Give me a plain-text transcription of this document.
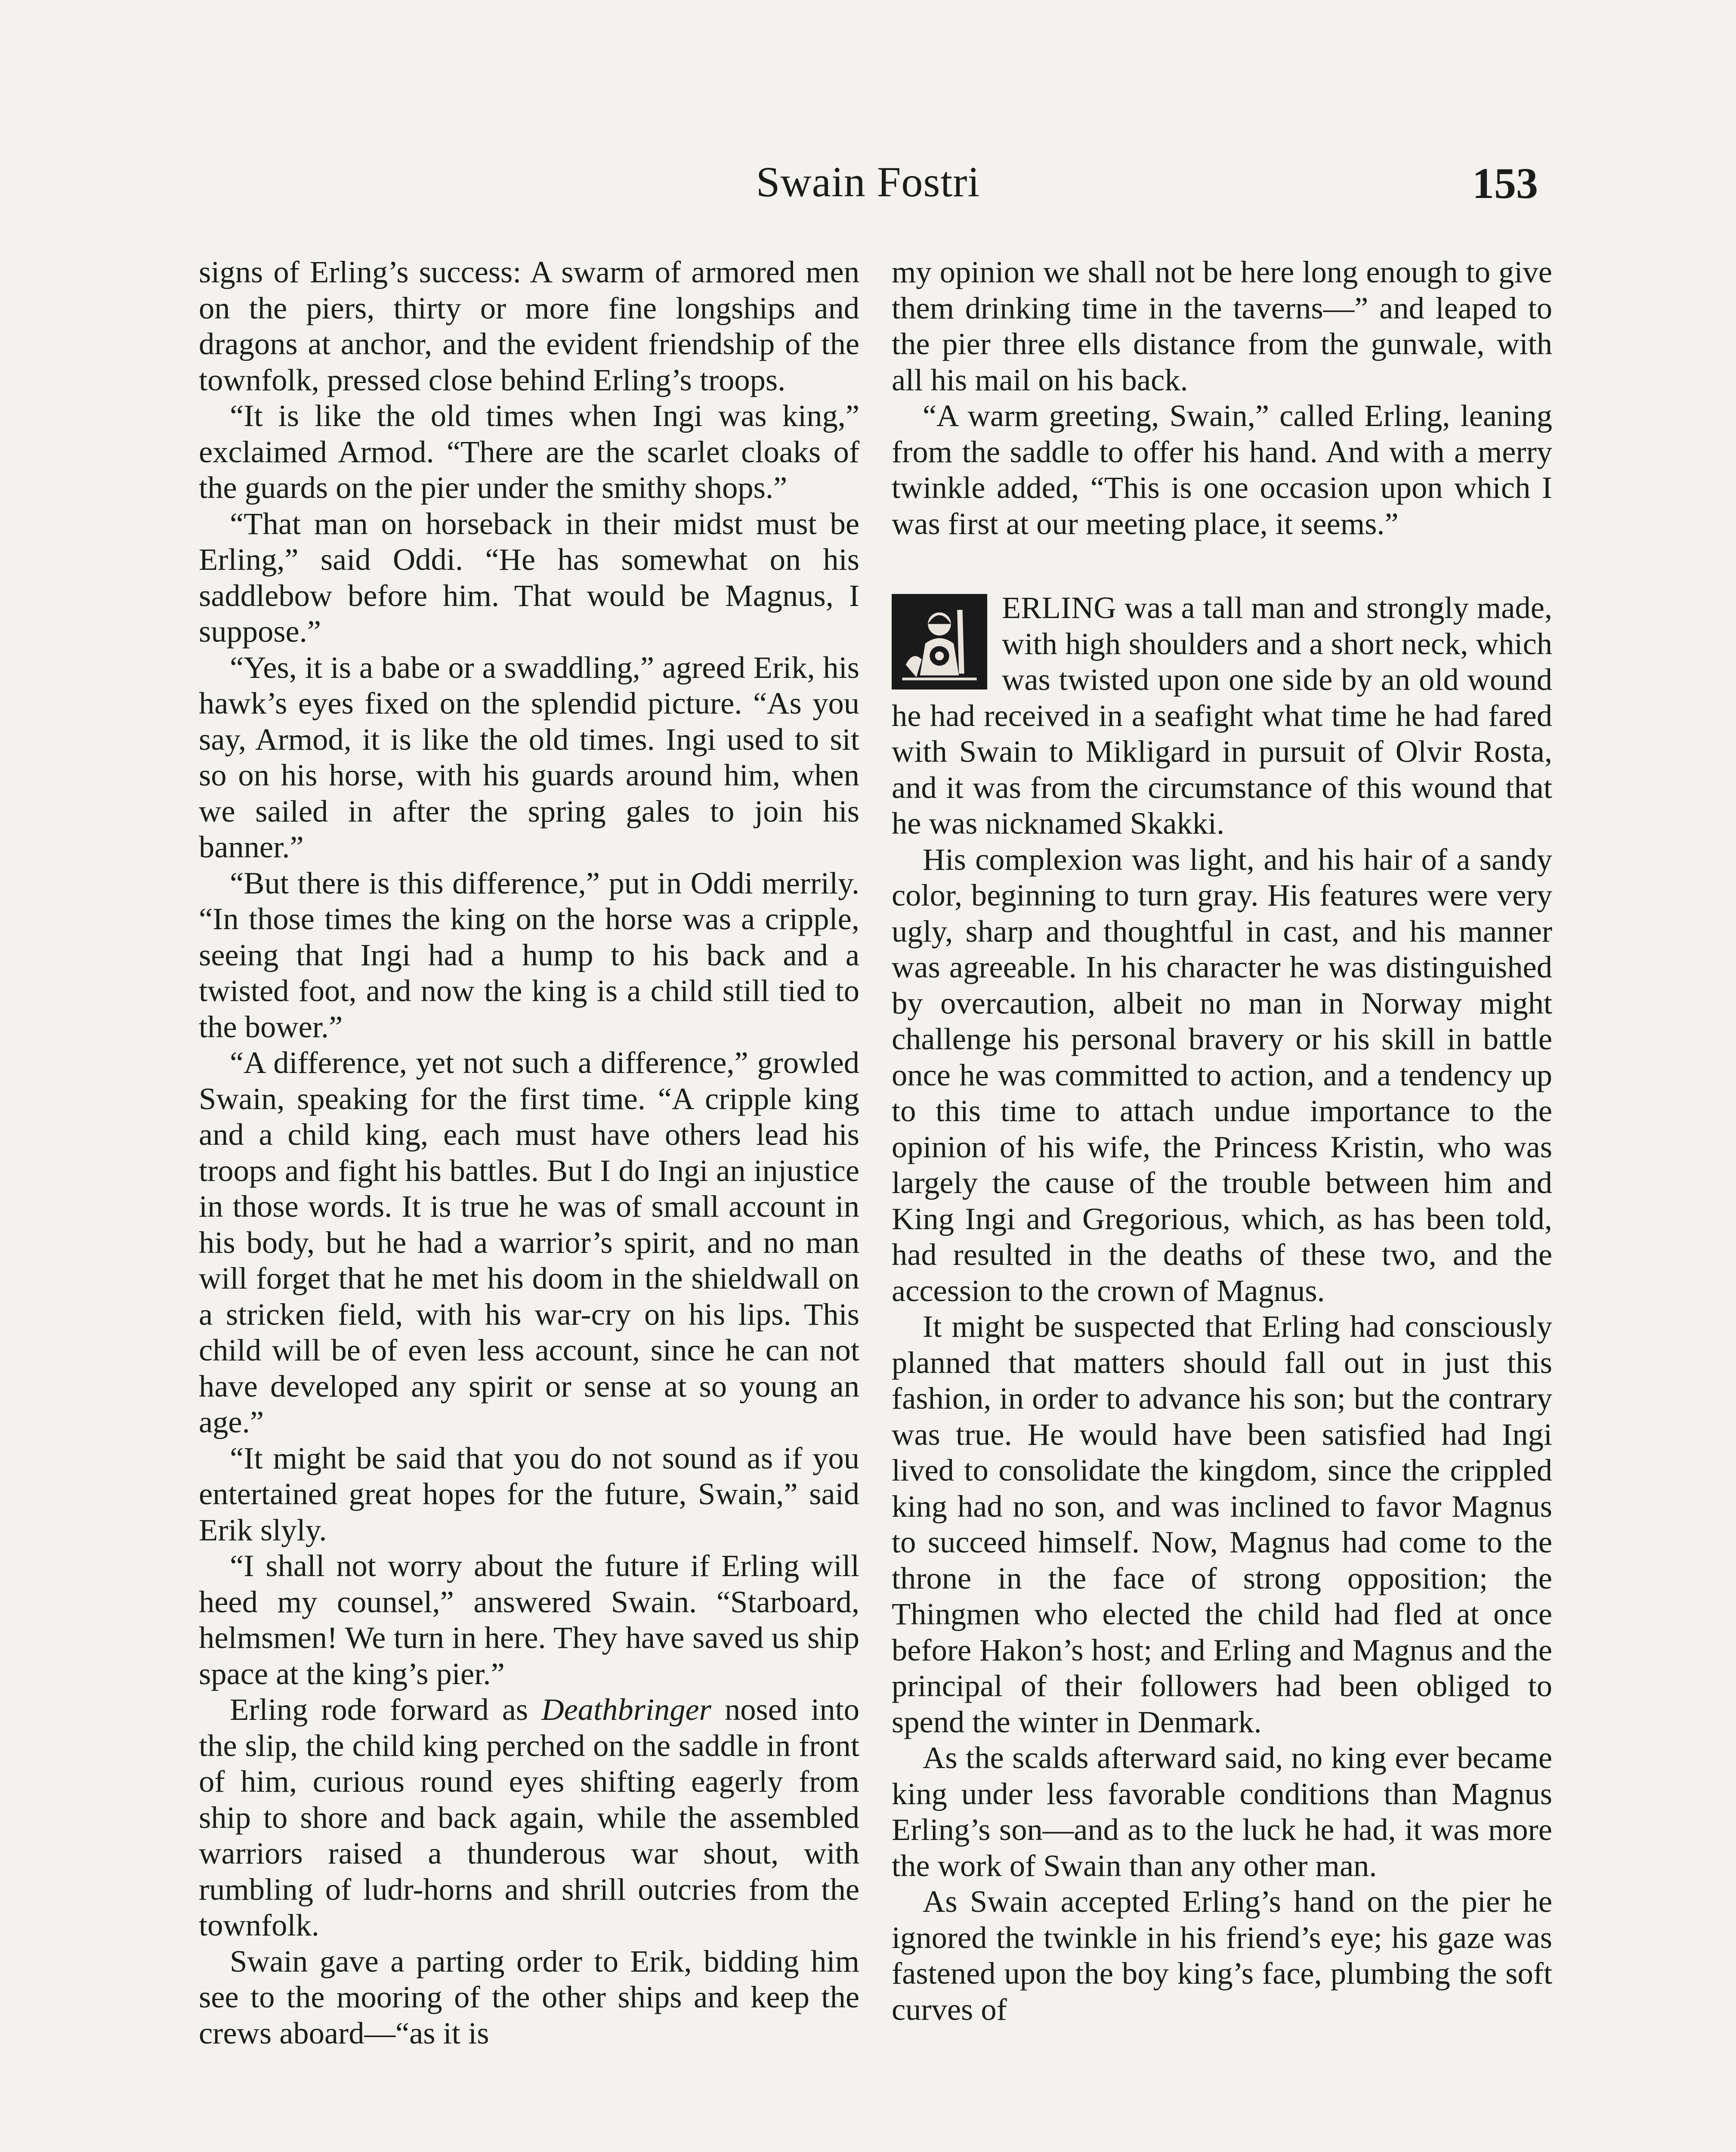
Swain Fostri	153

signs of Erling’s success: A swarm of armored men on the piers, thirty or more fine longships and dragons at anchor, and the evident friendship of the townfolk, pressed close behind Erling’s troops.

“It is like the old times when Ingi was king,” exclaimed Armod. “There are the scarlet cloaks of the guards on the pier under the smithy shops.”

“That man on horseback in their midst must be Erling,” said Oddi. “He has somewhat on his saddlebow before him. That would be Magnus, I suppose.”

“Yes, it is a babe or a swaddling,” agreed Erik, his hawk’s eyes fixed on the splendid picture. “As you say, Armod, it is like the old times. Ingi used to sit so on his horse, with his guards around him, when we sailed in after the spring gales to join his banner.”

“But there is this difference,” put in Oddi merrily. “In those times the king on the horse was a cripple, seeing that Ingi had a hump to his back and a twisted foot, and now the king is a child still tied to the bower.”

“A difference, yet not such a difference,” growled Swain, speaking for the first time. “A cripple king and a child king, each must have others lead his troops and fight his battles. But I do Ingi an injustice in those words. It is true he was of small account in his body, but he had a warrior’s spirit, and no man will forget that he met his doom in the shieldwall on a stricken field, with his war-cry on his lips. This child will be of even less account, since he can not have developed any spirit or sense at so young an age.”

“It might be said that you do not sound as if you entertained great hopes for the future, Swain,” said Erik slyly.

“I shall not worry about the future if Erling will heed my counsel,” answered Swain. “Starboard, helmsmen! We turn in here. They have saved us ship space at the king’s pier.”

Erling rode forward as Deathbringer nosed into the slip, the child king perched on the saddle in front of him, curious round eyes shifting eagerly from ship to shore and back again, while the assembled warriors raised a thunderous war shout, with rumbling of ludr-horns and shrill outcries from the townfolk.

Swain gave a parting order to Erik, bidding him see to the mooring of the other ships and keep the crews aboard—“as it is

my opinion we shall not be here long enough to give them drinking time in the taverns—” and leaped to the pier three ells distance from the gunwale, with all his mail on his back.

“A warm greeting, Swain,” called Erling, leaning from the saddle to offer his hand. And with a merry twinkle added, “This is one occasion upon which I was first at our meeting place, it seems.”

ERLING was a tall man and strongly made, with high shoulders and a short neck, which was twisted upon one side by an old wound he had received in a seafight what time he had fared with Swain to Mikligard in pursuit of Olvir Rosta, and it was from the circumstance of this wound that he was nicknamed Skakki.

His complexion was light, and his hair of a sandy color, beginning to turn gray. His features were very ugly, sharp and thoughtful in cast, and his manner was agreeable. In his character he was distinguished by overcaution, albeit no man in Norway might challenge his personal bravery or his skill in battle once he was committed to action, and a tendency up to this time to attach undue importance to the opinion of his wife, the Princess Kristin, who was largely the cause of the trouble between him and King Ingi and Gregorious, which, as has been told, had resulted in the deaths of these two, and the accession to the crown of Magnus.

It might be suspected that Erling had consciously planned that matters should fall out in just this fashion, in order to advance his son; but the contrary was true. He would have been satisfied had Ingi lived to consolidate the kingdom, since the crippled king had no son, and was inclined to favor Magnus to succeed himself. Now, Magnus had come to the throne in the face of strong opposition; the Thingmen who elected the child had fled at once before Hakon’s host; and Erling and Magnus and the principal of their followers had been obliged to spend the winter in Denmark.

As the scalds afterward said, no king ever became king under less favorable conditions than Magnus Erling’s son—and as to the luck he had, it was more the work of Swain than any other man.

As Swain accepted Erling’s hand on the pier he ignored the twinkle in his friend’s eye; his gaze was fastened upon the boy king’s face, plumbing the soft curves of
